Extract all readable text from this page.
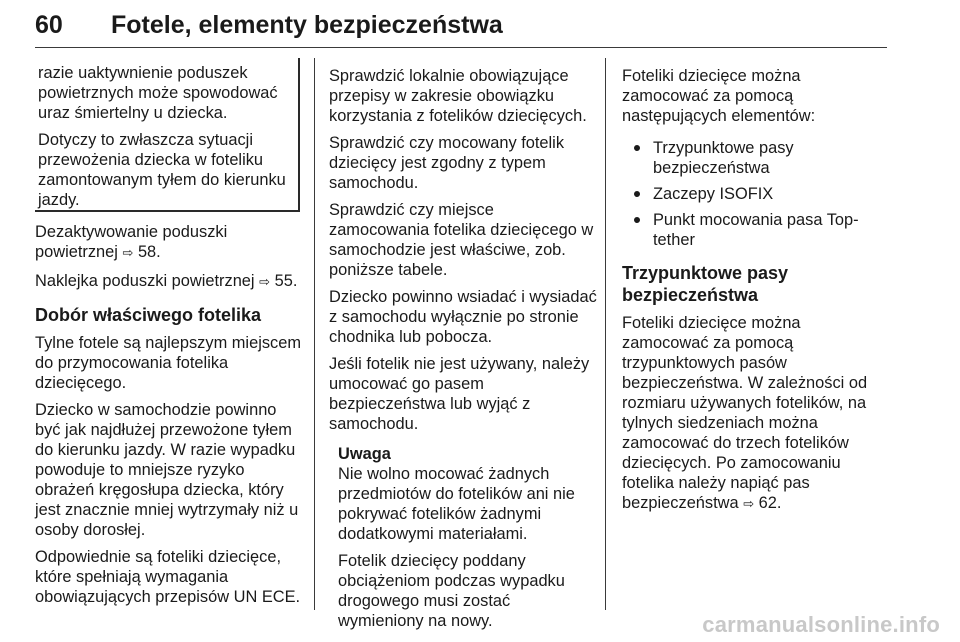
60 Fotele, elementy bezpieczeństwa

razie uaktywnienie poduszek powietrznych może spowodować uraz śmiertelny u dziecka.

Dotyczy to zwłaszcza sytuacji przewożenia dziecka w foteliku zamontowanym tyłem do kierunku jazdy.

Dezaktywowanie poduszki powietrznej ⇨ 58.

Naklejka poduszki powietrznej ⇨ 55.

Dobór właściwego fotelika

Tylne fotele są najlepszym miejscem do przymocowania fotelika dziecięcego.

Dziecko w samochodzie powinno być jak najdłużej przewożone tyłem do kierunku jazdy. W razie wypadku powoduje to mniejsze ryzyko obrażeń kręgosłupa dziecka, który jest znacznie mniej wytrzymały niż u osoby dorosłej.

Odpowiednie są foteliki dziecięce, które spełniają wymagania obowiązujących przepisów UN ECE.

Sprawdzić lokalnie obowiązujące przepisy w zakresie obowiązku korzystania z fotelików dziecięcych.

Sprawdzić czy mocowany fotelik dziecięcy jest zgodny z typem samochodu.

Sprawdzić czy miejsce zamocowania fotelika dziecięcego w samochodzie jest właściwe, zob. poniższe tabele.

Dziecko powinno wsiadać i wysiadać z samochodu wyłącznie po stronie chodnika lub pobocza.

Jeśli fotelik nie jest używany, należy umocować go pasem bezpieczeństwa lub wyjąć z samochodu.

Uwaga

Nie wolno mocować żadnych przedmiotów do fotelików ani nie pokrywać fotelików żadnymi dodatkowymi materiałami.

Fotelik dziecięcy poddany obciążeniom podczas wypadku drogowego musi zostać wymieniony na nowy.

Foteliki dziecięce można zamocować za pomocą następujących elementów:

Trzypunktowe pasy bezpieczeństwa
Zaczepy ISOFIX
Punkt mocowania pasa Top-tether
Trzypunktowe pasy bezpieczeństwa

Foteliki dziecięce można zamocować za pomocą trzypunktowych pasów bezpieczeństwa. W zależności od rozmiaru używanych fotelików, na tylnych siedzeniach można zamocować do trzech fotelików dziecięcych. Po zamocowaniu fotelika należy napiąć pas bezpieczeństwa ⇨ 62.

carmanualsonline.info
